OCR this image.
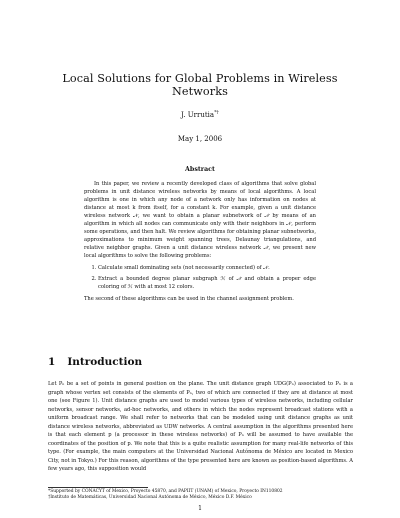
Local Solutions for Global Problems in Wireless Networks
J. Urrutia*†
May 1, 2006
Abstract

In this paper, we review a recently developed class of algorithms that solve global problems in unit distance wireless networks by means of local algorithms. A local algorithm is one in which any node of a network only has information on nodes at distance at most k from itself, for a constant k. For example, given a unit distance wireless network 𝒩, we want to obtain a planar subnetwork of 𝒩 by means of an algorithm in which all nodes can communicate only with their neighbors in 𝒩, perform some operations, and then halt. We review algorithms for obtaining planar subnetworks, approximations to minimum weight spanning trees, Delaunay triangulations, and relative neighbor graphs. Given a unit distance wireless network 𝒩, we present new local algorithms to solve the following problems:

1. Calculate small dominating sets (not necessarily connected) of 𝒩.
2. Extract a bounded degree planar subgraph ℋ of 𝒩 and obtain a proper edge coloring of ℋ with at most 12 colors.

The second of these algorithms can be used in the channel assignment problem.

1 Introduction

Let Pₙ be a set of points in general position on the plane. The unit distance graph UDG(Pₙ) associated to Pₙ is a graph whose vertex set consists of the elements of Pₙ, two of which are connected if they are at distance at most one (see Figure 1). Unit distance graphs are used to model various types of wireless networks, including cellular networks, sensor networks, ad-hoc networks, and others in which the nodes represent broadcast stations with a uniform broadcast range. We shall refer to networks that can be modeled using unit distance graphs as unit distance wireless networks, abbreviated as UDW networks. A central assumption in the algorithms presented here is that each element p (a processor in these wireless networks) of Pₙ will be assumed to have available the coordinates of the position of p. We note that this is a quite realistic assumption for many real-life networks of this type. (For example, the main computers at the Universidad Nacional Autónoma de México are located in Mexico City, not in Tokyo.) For this reason, algorithms of the type presented here are known as position-based algorithms. A few years ago, this supposition would

*Supported by CONACYT of Mexico, Proyecto 45870, and PAPIIT (UNAM) of Mexico, Proyecto IN110802
†Instituto de Matemáticas, Universidad Nacional Autónoma de México, México D.F. México
1
